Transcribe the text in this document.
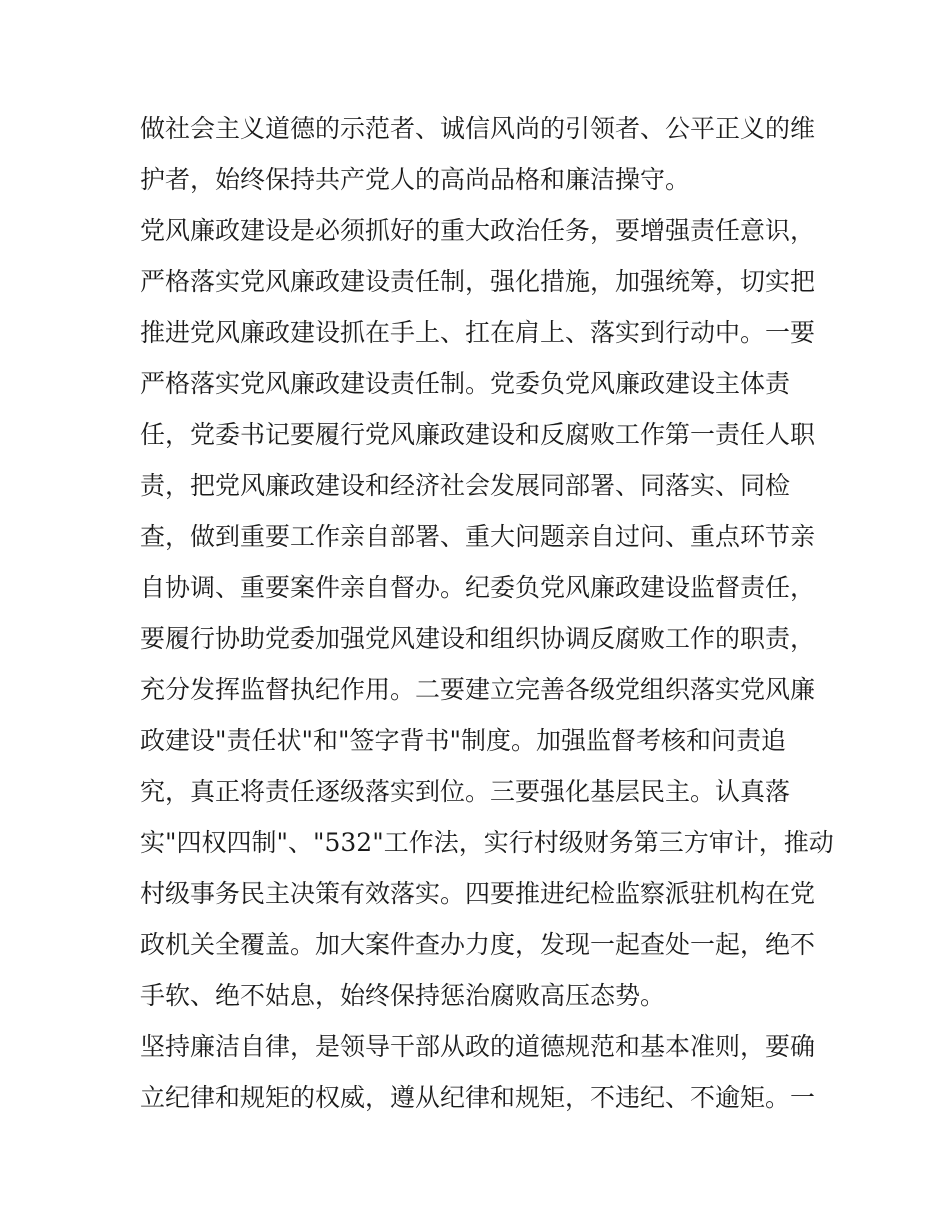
做社会主义道德的示范者、诚信风尚的引领者、公平正义的维

护者，始终保持共产党人的高尚品格和廉洁操守。

党风廉政建设是必须抓好的重大政治任务，要增强责任意识，

严格落实党风廉政建设责任制，强化措施，加强统筹，切实把

推进党风廉政建设抓在手上、扛在肩上、落实到行动中。一要

严格落实党风廉政建设责任制。党委负党风廉政建设主体责

任，党委书记要履行党风廉政建设和反腐败工作第一责任人职

责，把党风廉政建设和经济社会发展同部署、同落实、同检

查，做到重要工作亲自部署、重大问题亲自过问、重点环节亲

自协调、重要案件亲自督办。纪委负党风廉政建设监督责任，

要履行协助党委加强党风建设和组织协调反腐败工作的职责，

充分发挥监督执纪作用。二要建立完善各级党组织落实党风廉

政建设"责任状"和"签字背书"制度。加强监督考核和问责追

究，真正将责任逐级落实到位。三要强化基层民主。认真落

实"四权四制"、"532"工作法，实行村级财务第三方审计，推动

村级事务民主决策有效落实。四要推进纪检监察派驻机构在党

政机关全覆盖。加大案件查办力度，发现一起查处一起，绝不

手软、绝不姑息，始终保持惩治腐败高压态势。

坚持廉洁自律，是领导干部从政的道德规范和基本准则，要确

立纪律和规矩的权威，遵从纪律和规矩，不违纪、不逾矩。一
